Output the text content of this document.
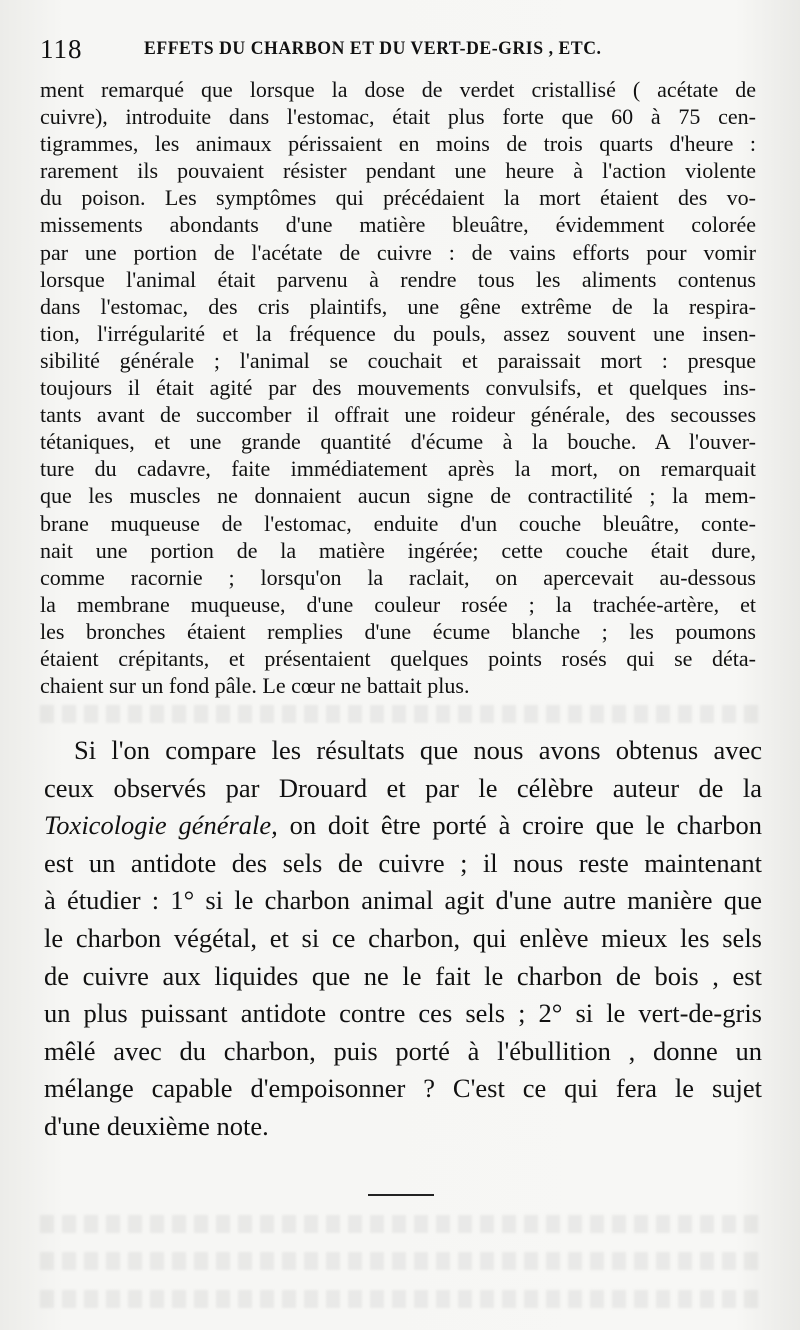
118	EFFETS DU CHARBON ET DU VERT-DE-GRIS , ETC.
ment remarqué que lorsque la dose de verdet cristallisé ( acétate de
cuivre), introduite dans l'estomac, était plus forte que 60 à 75 cen-
tigrammes, les animaux périssaient en moins de trois quarts d'heure :
rarement ils pouvaient résister pendant une heure à l'action violente
du poison. Les symptômes qui précédaient la mort étaient des vo-
missements abondants d'une matière bleuâtre, évidemment colorée
par une portion de l'acétate de cuivre : de vains efforts pour vomir
lorsque l'animal était parvenu à rendre tous les aliments contenus
dans l'estomac, des cris plaintifs, une gêne extrême de la respira-
tion, l'irrégularité et la fréquence du pouls, assez souvent une insen-
sibilité générale ; l'animal se couchait et paraissait mort : presque
toujours il était agité par des mouvements convulsifs, et quelques ins-
tants avant de succomber il offrait une roideur générale, des secousses
tétaniques, et une grande quantité d'écume à la bouche. A l'ouver-
ture du cadavre, faite immédiatement après la mort, on remarquait
que les muscles ne donnaient aucun signe de contractilité ; la mem-
brane muqueuse de l'estomac, enduite d'un couche bleuâtre, conte-
nait une portion de la matière ingérée; cette couche était dure,
comme racornie ; lorsqu'on la raclait, on apercevait au-dessous
la membrane muqueuse, d'une couleur rosée ; la trachée-artère, et
les bronches étaient remplies d'une écume blanche ; les poumons
étaient crépitants, et présentaient quelques points rosés qui se déta-
chaient sur un fond pâle. Le cœur ne battait plus.
Si l'on compare les résultats que nous avons obtenus avec
ceux observés par Drouard et par le célèbre auteur de la
Toxicologie générale, on doit être porté à croire que le charbon
est un antidote des sels de cuivre ; il nous reste maintenant
à étudier : 1° si le charbon animal agit d'une autre manière que
le charbon végétal, et si ce charbon, qui enlève mieux les sels
de cuivre aux liquides que ne le fait le charbon de bois , est
un plus puissant antidote contre ces sels ; 2° si le vert-de-gris
mêlé avec du charbon, puis porté à l'ébullition , donne un
mélange capable d'empoisonner ? C'est ce qui fera le sujet
d'une deuxième note.
